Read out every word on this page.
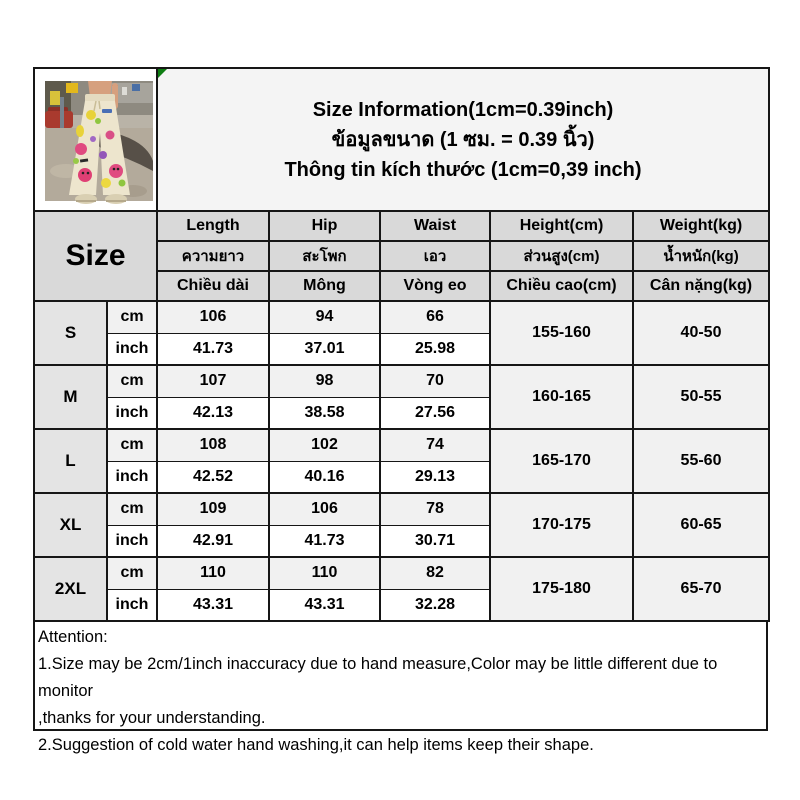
Size Information(1cm=0.39inch)
ข้อมูลขนาด (1 ซม. = 0.39 นิ้ว)
Thông tin kích thước (1cm=0,39 inch)				

Size		Length	Hip	Waist	Height(cm)	Weight(kg)
		ความยาว	สะโพก	เอว	ส่วนสูง(cm)	น้ำหนัก(kg)
		Chiều dài	Mông	Vòng eo	Chiều cao(cm)	Cân nặng(kg)
S	cm	106	94	66	155-160	40-50
	inch	41.73	37.01	25.98		
M	cm	107	98	70	160-165	50-55
	inch	42.13	38.58	27.56		
L	cm	108	102	74	165-170	55-60
	inch	42.52	40.16	29.13		
XL	cm	109	106	78	170-175	60-65
	inch	42.91	41.73	30.71		
2XL	cm	110	110	82	175-180	65-70
	inch	43.31	43.31	32.28		
Attention:
1.Size may be 2cm/1inch inaccuracy due to hand measure,Color may be little different due to monitor
,thanks for your understanding.
2.Suggestion of cold water hand washing,it can help items keep their shape.
